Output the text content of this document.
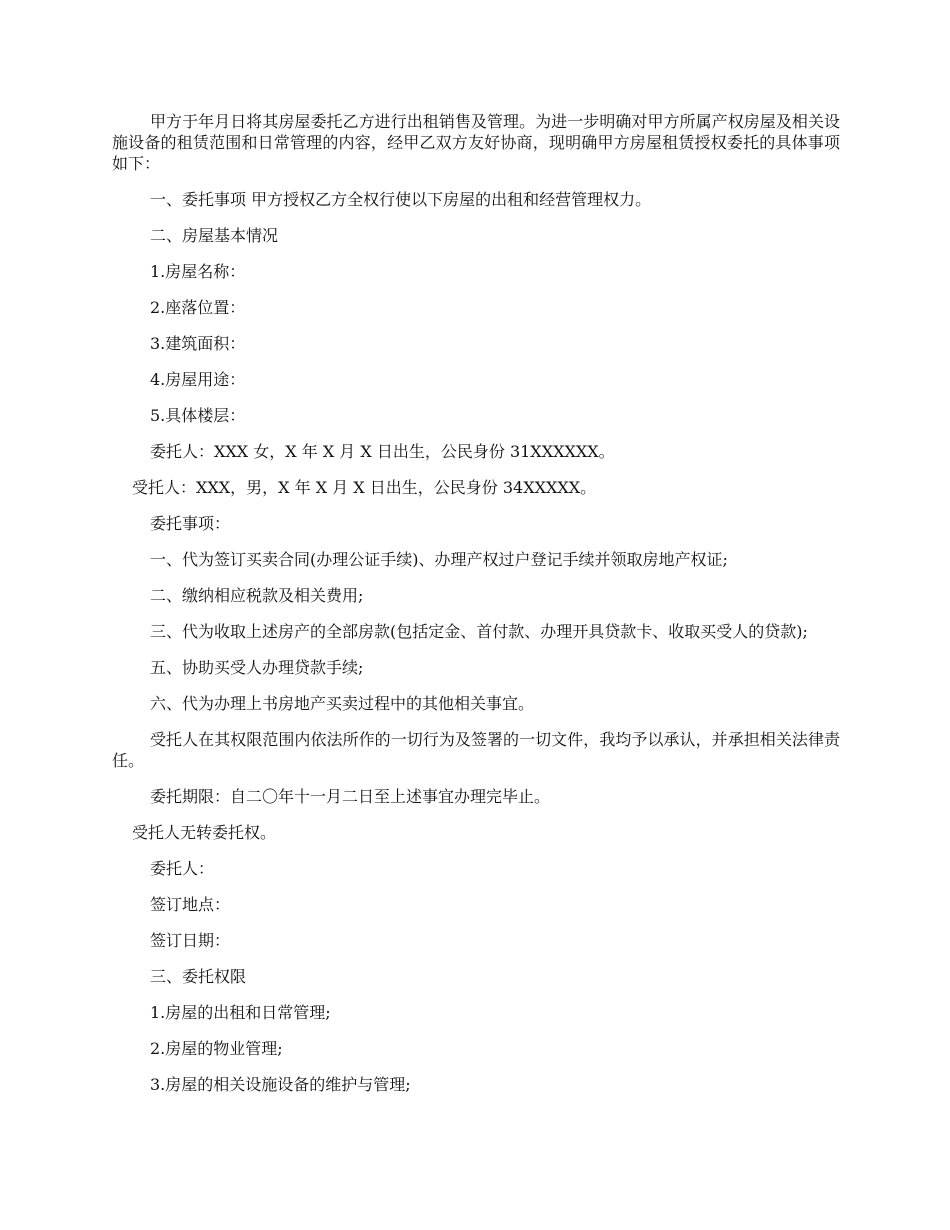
甲方于年月日将其房屋委托乙方进行出租销售及管理。为进一步明确对甲方所属产权房屋及相关设施设备的租赁范围和日常管理的内容，经甲乙双方友好协商，现明确甲方房屋租赁授权委托的具体事项如下：

一、委托事项 甲方授权乙方全权行使以下房屋的出租和经营管理权力。

二、房屋基本情况

1.房屋名称：

2.座落位置：

3.建筑面积：

4.房屋用途：

5.具体楼层：

委托人：XXX 女，X 年 X 月 X 日出生，公民身份 31XXXXXX。

受托人：XXX，男，X 年 X 月 X 日出生，公民身份 34XXXXX。

委托事项：

一、代为签订买卖合同(办理公证手续)、办理产权过户登记手续并领取房地产权证;

二、缴纳相应税款及相关费用;

三、代为收取上述房产的全部房款(包括定金、首付款、办理开具贷款卡、收取买受人的贷款);

五、协助买受人办理贷款手续;

六、代为办理上书房地产买卖过程中的其他相关事宜。

受托人在其权限范围内依法所作的一切行为及签署的一切文件，我均予以承认，并承担相关法律责任。

委托期限：自二〇年十一月二日至上述事宜办理完毕止。

受托人无转委托权。

委托人：

签订地点：

签订日期：

三、委托权限

1.房屋的出租和日常管理;

2.房屋的物业管理;

3.房屋的相关设施设备的维护与管理;
